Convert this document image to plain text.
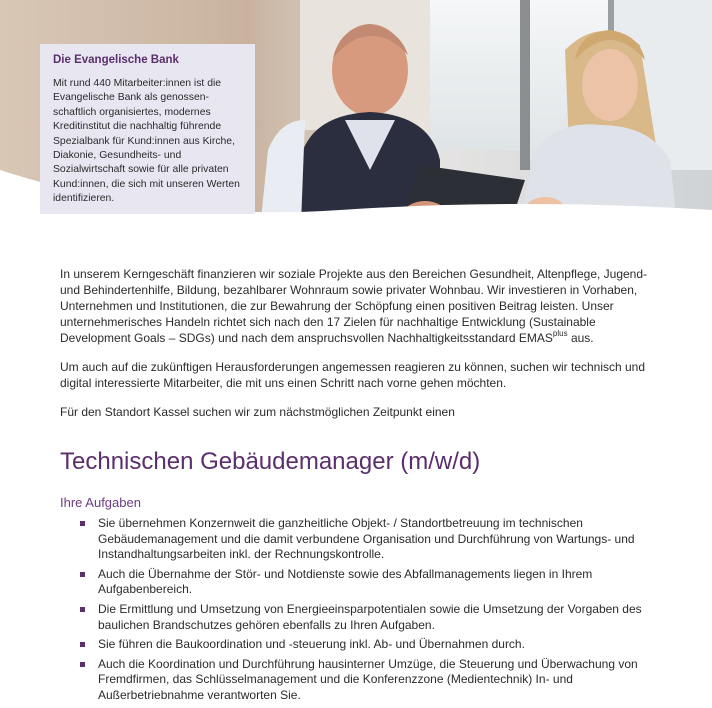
Die Evangelische Bank

Mit rund 440 Mitarbeiter:innen ist die Evangelische Bank als genossen-schaftlich organisiertes, modernes Kreditinstitut die nachhaltig führende Spezialbank für Kund:innen aus Kirche, Diakonie, Gesundheits- und Sozialwirtschaft sowie für alle privaten Kund:innen, die sich mit unseren Werten identifizieren.

In unserem Kerngeschäft finanzieren wir soziale Projekte aus den Bereichen Gesundheit, Altenpflege, Jugend- und Behindertenhilfe, Bildung, bezahlbarer Wohnraum sowie privater Wohnbau. Wir investieren in Vorhaben, Unternehmen und Institutionen, die zur Bewahrung der Schöpfung einen positiven Beitrag leisten. Unser unternehmerisches Handeln richtet sich nach den 17 Zielen für nachhaltige Entwicklung (Sustainable Development Goals – SDGs) und nach dem anspruchsvollen Nachhaltigkeitsstandard $EMAS^{plus}$ aus.

Um auch auf die zukünftigen Herausforderungen angemessen reagieren zu können, suchen wir technisch und digital interessierte Mitarbeiter, die mit uns einen Schritt nach vorne gehen möchten.

Für den Standort Kassel suchen wir zum nächstmöglichen Zeitpunkt einen

Technischen Gebäudemanager (m/w/d)
Ihre Aufgaben
Sie übernehmen Konzernweit die ganzheitliche Objekt- / Standortbetreuung im technischen Gebäudemanagement und die damit verbundene Organisation und Durchführung von Wartungs- und Instandhaltungsarbeiten inkl. der Rechnungskontrolle.
Auch die Übernahme der Stör- und Notdienste sowie des Abfallmanagements liegen in Ihrem Aufgabenbereich.
Die Ermittlung und Umsetzung von Energieeinsparpotentialen sowie die Umsetzung der Vorgaben des baulichen Brandschutzes gehören ebenfalls zu Ihren Aufgaben.
Sie führen die Baukoordination und -steuerung inkl. Ab- und Übernahmen durch.
Auch die Koordination und Durchführung hausinterner Umzüge, die Steuerung und Überwachung von Fremdfirmen, das Schlüsselmanagement und die Konferenzzone (Medientechnik) In- und Außerbetriebnahme verantworten Sie.
